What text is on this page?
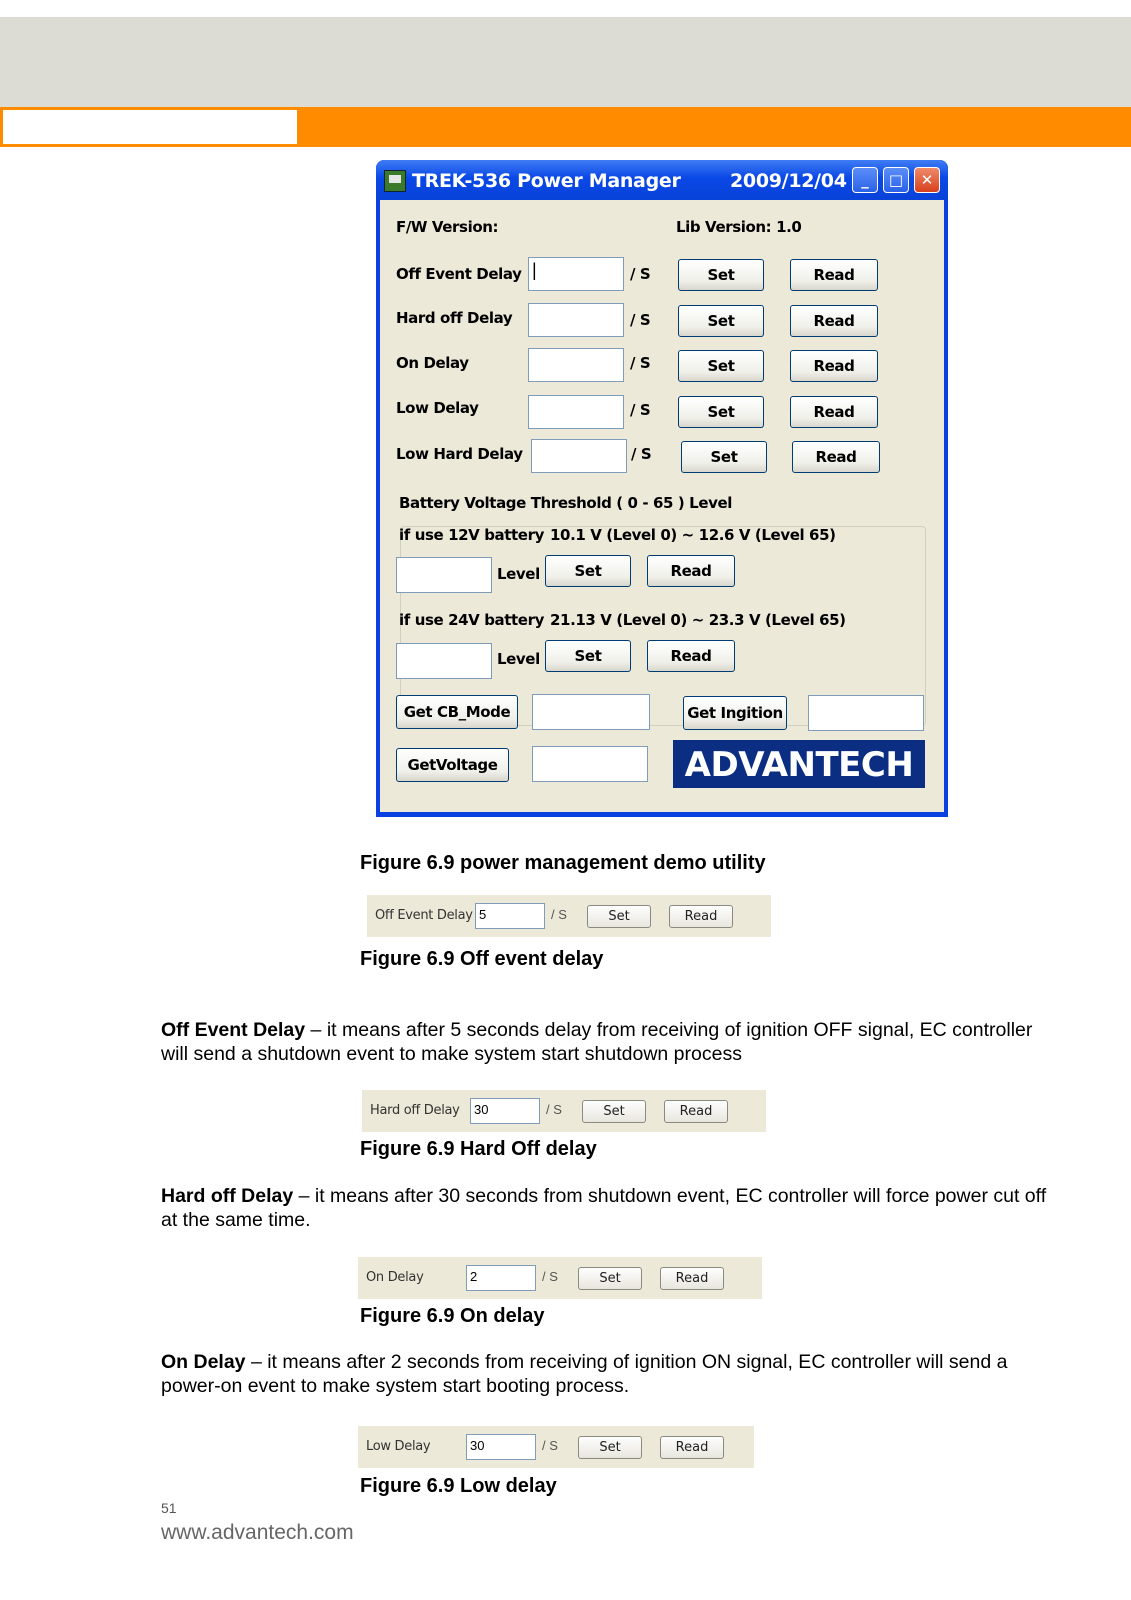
TREK-536 Power Manager	2009/12/04 _	□	✕
F/W Version:	Lib Version: 1.0
Off Event Delay |	/ S	Set	Read
Hard off Delay	/ S	Set	Read
On Delay	/ S	Set	Read
Low Delay	/ S	Set	Read
Low Hard Delay	/ S	Set	Read
Battery Voltage Threshold ( 0 - 65 ) Level
if use 12V battery 10.1 V (Level 0) ~ 12.6 V (Level 65)
Level	Set	Read
if use 24V battery 21.13 V (Level 0) ~ 23.3 V (Level 65)
Level	Set	Read
Get CB_Mode	Get Ingition
GetVoltage	ADVANTECH
Figure 6.9 power management demo utility
Off Event Delay 5	/ S	Set	Read
Figure 6.9 Off event delay
Off Event Delay – it means after 5 seconds delay from receiving of ignition OFF signal, EC controller will send a shutdown event to make system start shutdown process
Hard off Delay	30	/ S	Set	Read
Figure 6.9 Hard Off delay
Hard off Delay – it means after 30 seconds from shutdown event, EC controller will force power cut off at the same time.
On Delay	2	/ S	Set	Read
Figure 6.9 On delay
On Delay – it means after 2 seconds from receiving of ignition ON signal, EC controller will send a power-on event to make system start booting process.
Low Delay	30	/ S	Set	Read
Figure 6.9 Low delay
51
www.advantech.com
